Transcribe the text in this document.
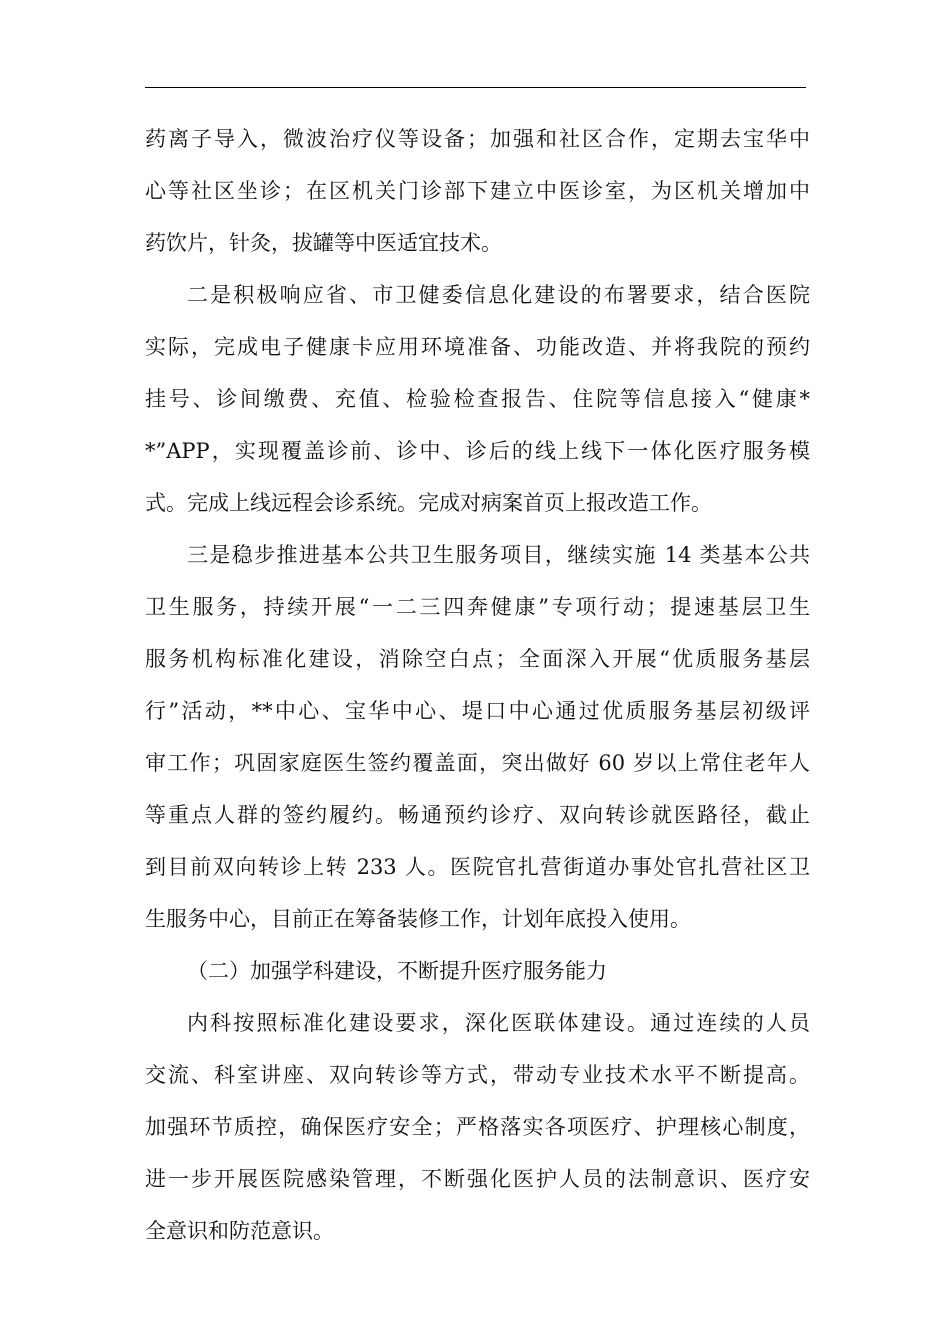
药离子导入，微波治疗仪等设备；加强和社区合作，定期去宝华中
心等社区坐诊；在区机关门诊部下建立中医诊室，为区机关增加中
药饮片，针灸，拔罐等中医适宜技术。
二是积极响应省、市卫健委信息化建设的布署要求，结合医院
实际，完成电子健康卡应用环境准备、功能改造、并将我院的预约
挂号、诊间缴费、充值、检验检查报告、住院等信息接入“健康*
*”APP，实现覆盖诊前、诊中、诊后的线上线下一体化医疗服务模
式。完成上线远程会诊系统。完成对病案首页上报改造工作。
三是稳步推进基本公共卫生服务项目，继续实施 14 类基本公共
卫生服务，持续开展“一二三四奔健康”专项行动；提速基层卫生
服务机构标准化建设，消除空白点；全面深入开展“优质服务基层
行”活动，**中心、宝华中心、堤口中心通过优质服务基层初级评
审工作；巩固家庭医生签约覆盖面，突出做好 60 岁以上常住老年人
等重点人群的签约履约。畅通预约诊疗、双向转诊就医路径，截止
到目前双向转诊上转 233 人。医院官扎营街道办事处官扎营社区卫
生服务中心，目前正在筹备装修工作，计划年底投入使用。
（二）加强学科建设，不断提升医疗服务能力
内科按照标准化建设要求，深化医联体建设。通过连续的人员
交流、科室讲座、双向转诊等方式，带动专业技术水平不断提高。
加强环节质控，确保医疗安全；严格落实各项医疗、护理核心制度，
进一步开展医院感染管理，不断强化医护人员的法制意识、医疗安
全意识和防范意识。
